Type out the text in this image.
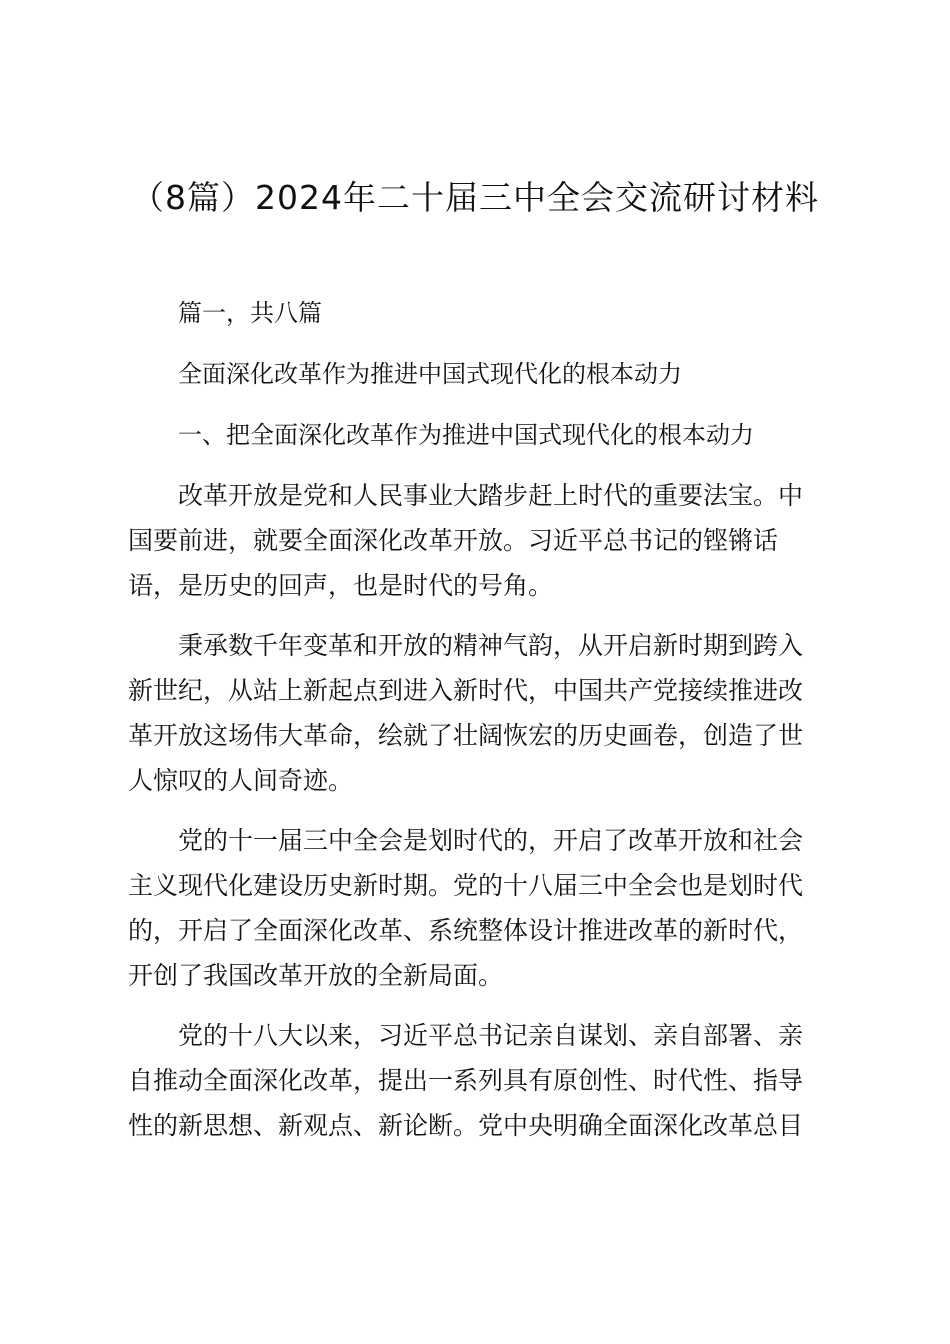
（8篇）2024年二十届三中全会交流研讨材料

篇一，共八篇

全面深化改革作为推进中国式现代化的根本动力

一、把全面深化改革作为推进中国式现代化的根本动力

改革开放是党和人民事业大踏步赶上时代的重要法宝。中

国要前进，就要全面深化改革开放。习近平总书记的铿锵话

语，是历史的回声，也是时代的号角。

秉承数千年变革和开放的精神气韵，从开启新时期到跨入

新世纪，从站上新起点到进入新时代，中国共产党接续推进改

革开放这场伟大革命，绘就了壮阔恢宏的历史画卷，创造了世

人惊叹的人间奇迹。

党的十一届三中全会是划时代的，开启了改革开放和社会

主义现代化建设历史新时期。党的十八届三中全会也是划时代

的，开启了全面深化改革、系统整体设计推进改革的新时代，

开创了我国改革开放的全新局面。

党的十八大以来，习近平总书记亲自谋划、亲自部署、亲

自推动全面深化改革，提出一系列具有原创性、时代性、指导

性的新思想、新观点、新论断。党中央明确全面深化改革总目
